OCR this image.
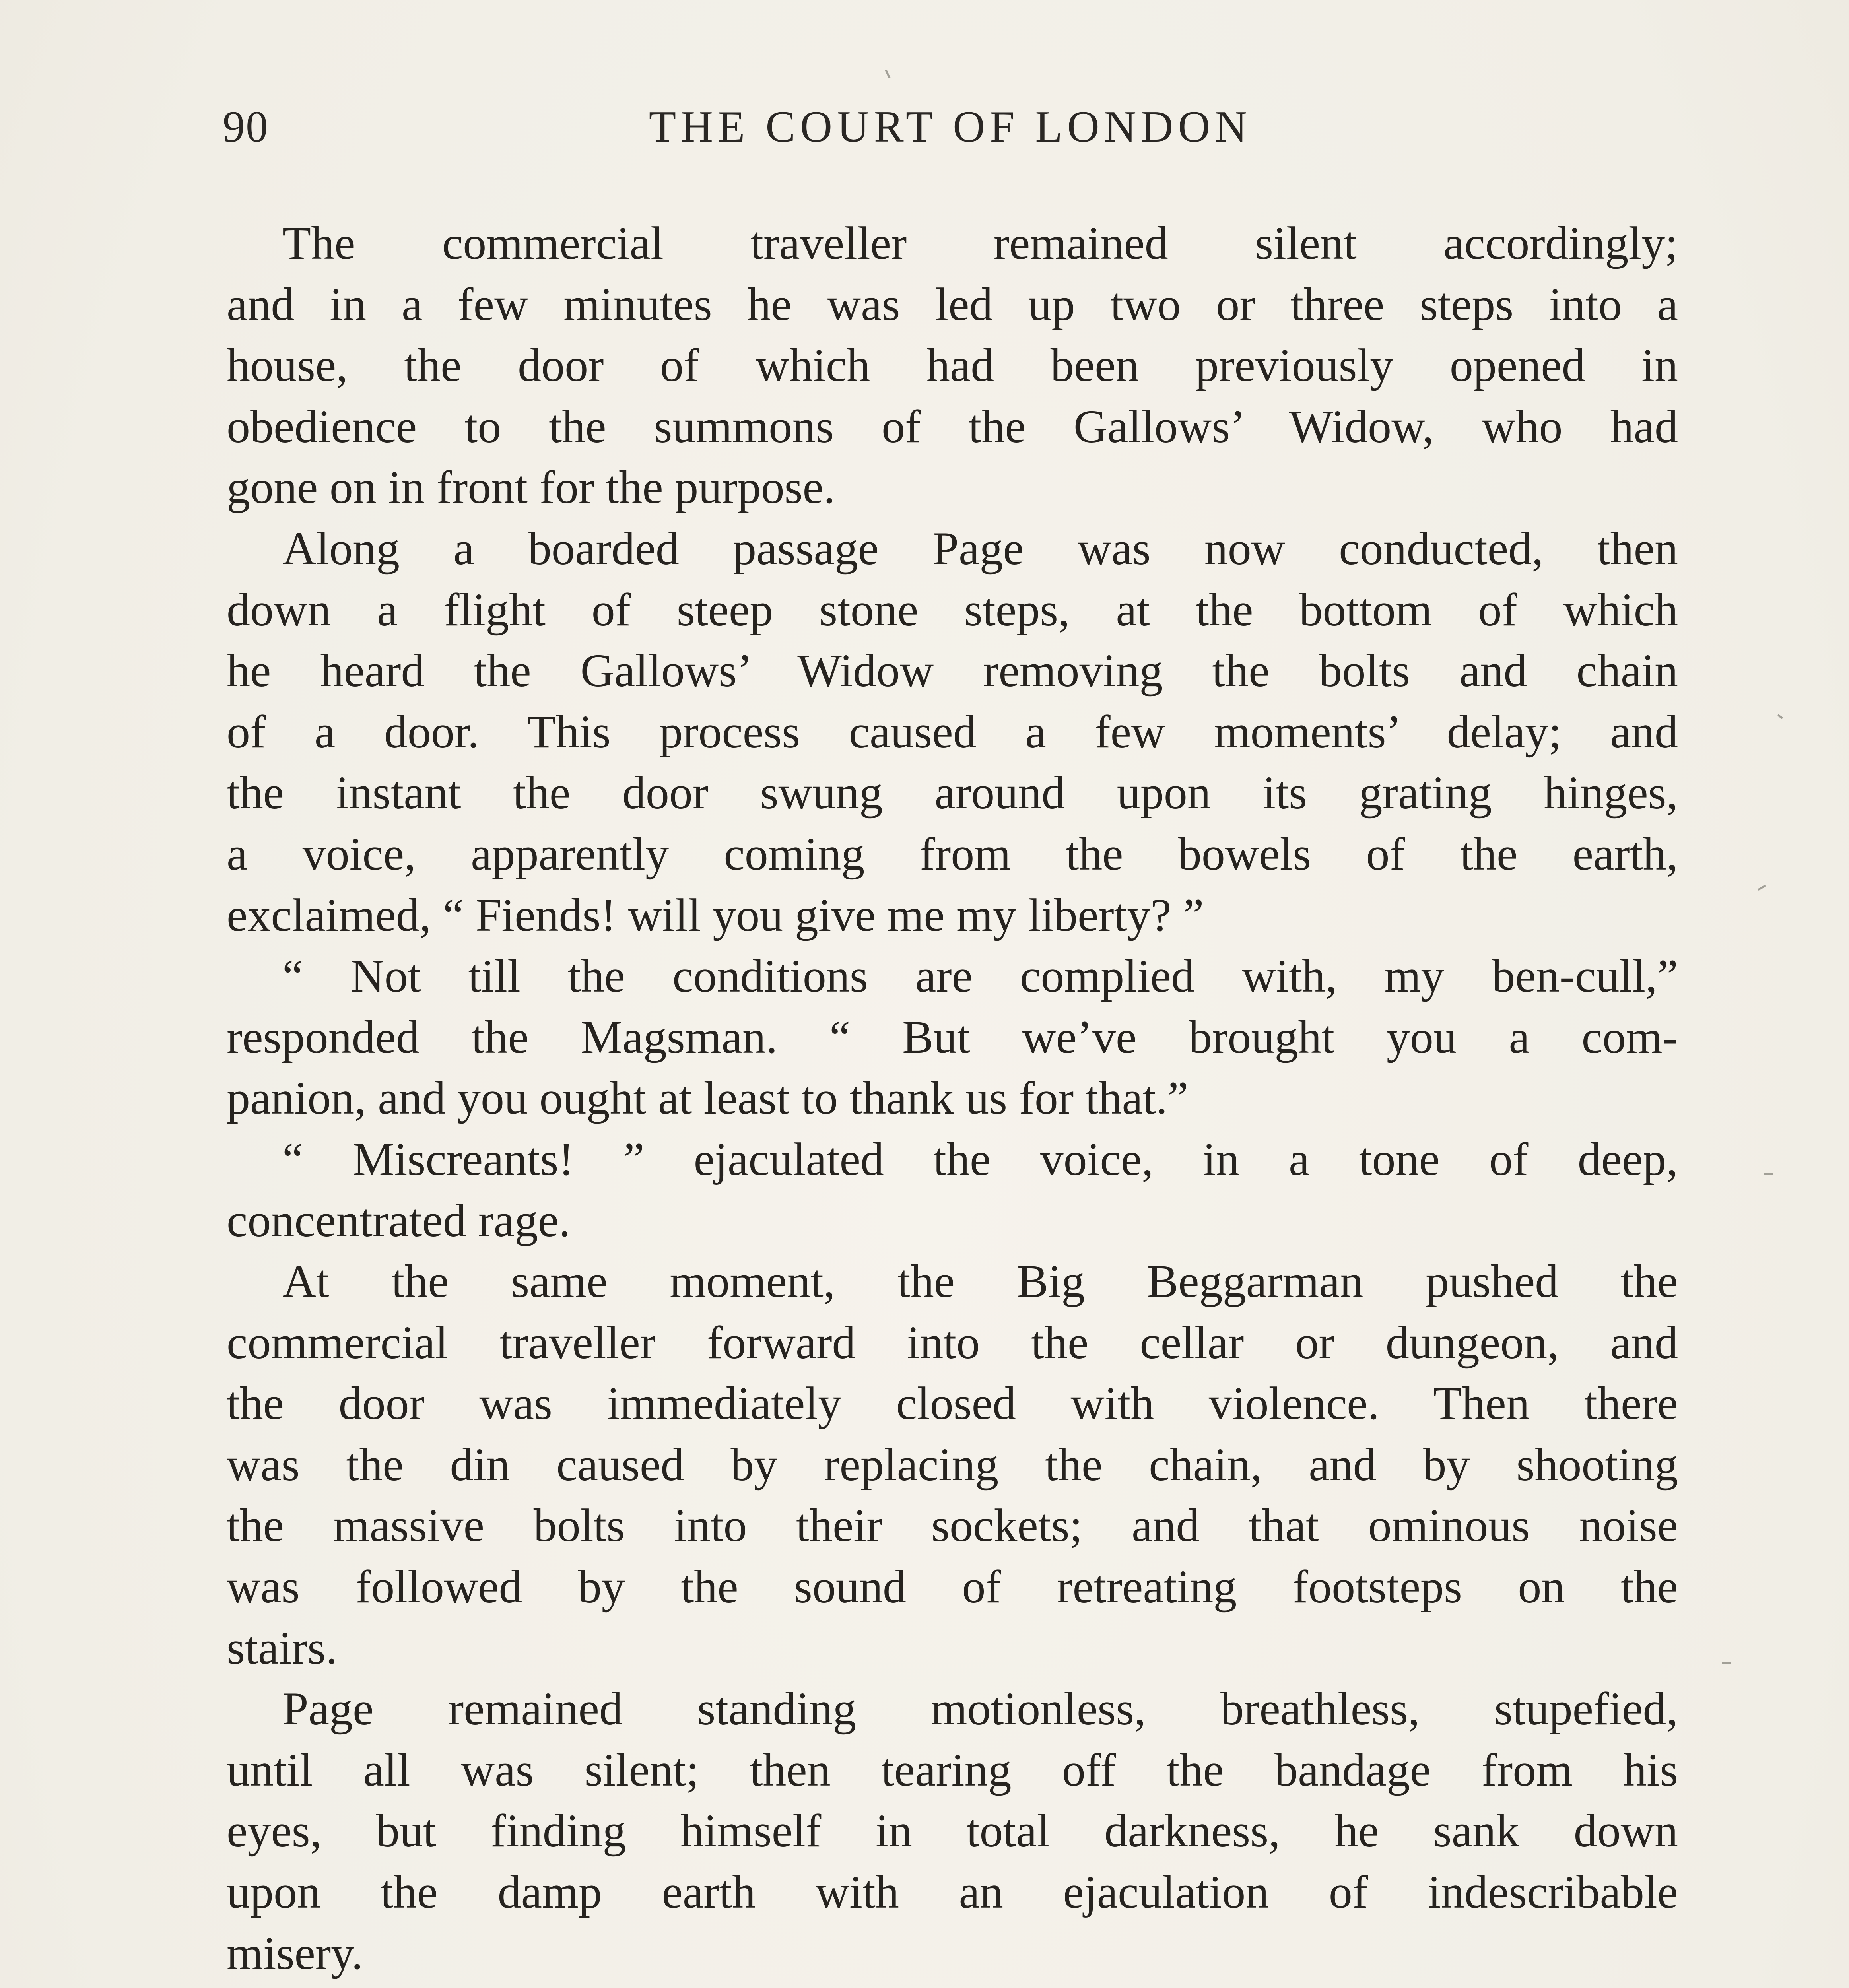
90	THE COURT OF LONDON
The commercial traveller remained silent accordingly;
and in a few minutes he was led up two or three steps into a
house, the door of which had been previously opened in
obedience to the summons of the Gallows’ Widow, who had
gone on in front for the purpose.
Along a boarded passage Page was now conducted, then
down a flight of steep stone steps, at the bottom of which
he heard the Gallows’ Widow removing the bolts and chain
of a door. This process caused a few moments’ delay; and
the instant the door swung around upon its grating hinges,
a voice, apparently coming from the bowels of the earth,
exclaimed, “ Fiends! will you give me my liberty? ”
“ Not till the conditions are complied with, my ben-cull,”
responded the Magsman. “ But we’ve brought you a com-
panion, and you ought at least to thank us for that.”
“ Miscreants! ” ejaculated the voice, in a tone of deep,
concentrated rage.
At the same moment, the Big Beggarman pushed the
commercial traveller forward into the cellar or dungeon, and
the door was immediately closed with violence. Then there
was the din caused by replacing the chain, and by shooting
the massive bolts into their sockets; and that ominous noise
was followed by the sound of retreating footsteps on the
stairs.
Page remained standing motionless, breathless, stupefied,
until all was silent; then tearing off the bandage from his
eyes, but finding himself in total darkness, he sank down
upon the damp earth with an ejaculation of indescribable
misery.
